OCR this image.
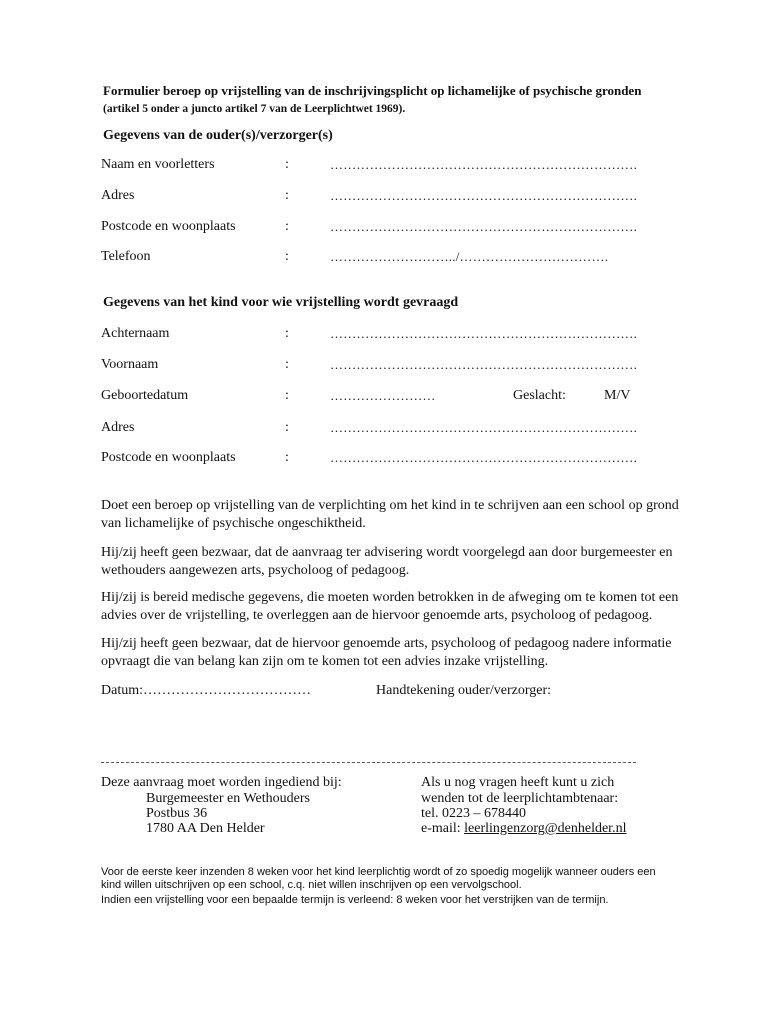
Formulier beroep op vrijstelling van de inschrijvingsplicht op lichamelijke of psychische gronden (artikel 5 onder a juncto artikel 7 van de Leerplichtwet 1969).
Gegevens van de ouder(s)/verzorger(s)
Naam en voorletters	:	…………………………………………………………….
Adres	:	…………………………………………………………….
Postcode en woonplaats	:	…………………………………………………………….
Telefoon	:	………………………../…………………………….
Gegevens van het kind voor wie vrijstelling wordt gevraagd
Achternaam	:	…………………………………………………………….
Voornaam	:	…………………………………………………………….
Geboortedatum	:	……………………	Geslacht:	M/V
Adres	:	…………………………………………………………….
Postcode en woonplaats	:	…………………………………………………………….
Doet een beroep op vrijstelling van de verplichting om het kind in te schrijven aan een school op grond van lichamelijke of psychische ongeschiktheid.
Hij/zij heeft geen bezwaar, dat de aanvraag ter advisering wordt voorgelegd aan door burgemeester en wethouders aangewezen arts, psycholoog of pedagoog.
Hij/zij is bereid medische gegevens, die moeten worden betrokken in de afweging om te komen tot een advies over de vrijstelling, te overleggen aan de hiervoor genoemde arts, psycholoog of pedagoog.
Hij/zij heeft geen bezwaar, dat de hiervoor genoemde arts, psycholoog of pedagoog nadere informatie opvraagt die van belang kan zijn om te komen tot een advies inzake vrijstelling.
Datum:………………………………	Handtekening ouder/verzorger:
Deze aanvraag moet worden ingediend bij:
Burgemeester en Wethouders
Postbus 36
1780 AA Den Helder
Als u nog vragen heeft kunt u zich
wenden tot de leerplichtambtenaar:
tel. 0223 – 678440
e-mail: leerlingenzorg@denhelder.nl
Voor de eerste keer inzenden 8 weken voor het kind leerplichtig wordt of zo spoedig mogelijk wanneer ouders een kind willen uitschrijven op een school, c.q. niet willen inschrijven op een vervolgschool.
Indien een vrijstelling voor een bepaalde termijn is verleend: 8 weken voor het verstrijken van de termijn.
